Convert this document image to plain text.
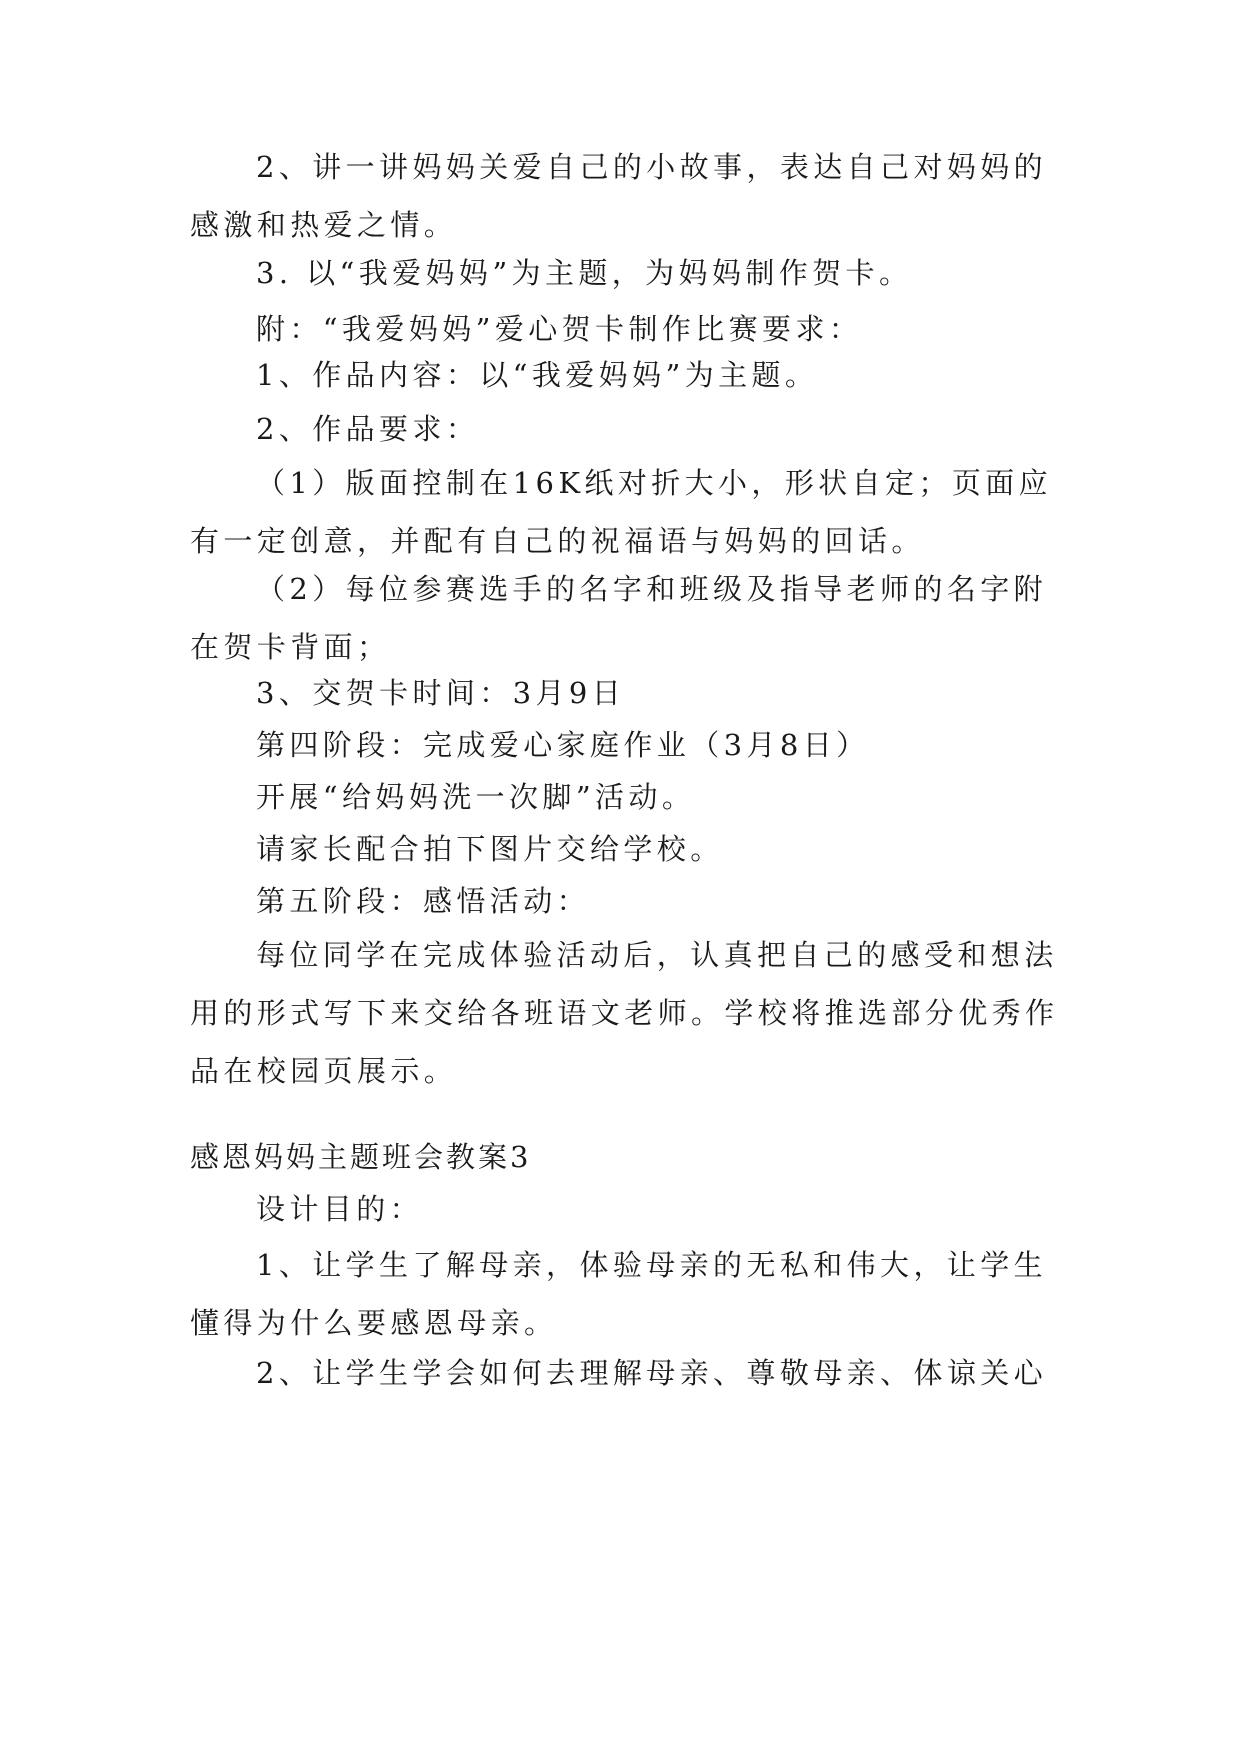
2、讲一讲妈妈关爱自己的小故事，表达自己对妈妈的感激和热爱之情。
3. 以“我爱妈妈”为主题，为妈妈制作贺卡。
附：“我爱妈妈”爱心贺卡制作比赛要求：
1、作品内容：以“我爱妈妈”为主题。
2、作品要求：
（1）版面控制在16K纸对折大小，形状自定；页面应有一定创意，并配有自己的祝福语与妈妈的回话。
（2）每位参赛选手的名字和班级及指导老师的名字附在贺卡背面；
3、交贺卡时间：3月9日
第四阶段：完成爱心家庭作业（3月8日）
开展“给妈妈洗一次脚”活动。
请家长配合拍下图片交给学校。
第五阶段：感悟活动：
每位同学在完成体验活动后，认真把自己的感受和想法用的形式写下来交给各班语文老师。学校将推选部分优秀作品在校园页展示。
感恩妈妈主题班会教案3
设计目的：
1、让学生了解母亲，体验母亲的无私和伟大，让学生懂得为什么要感恩母亲。
2、让学生学会如何去理解母亲、尊敬母亲、体谅关心
